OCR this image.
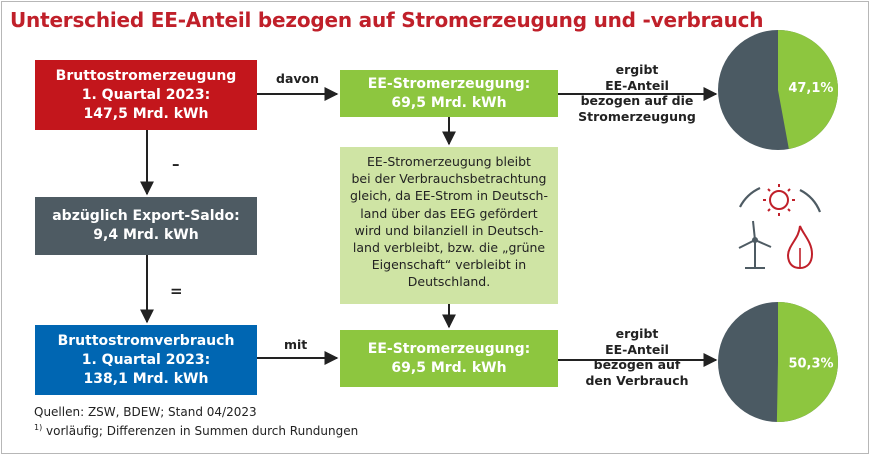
Unterschied EE-Anteil bezogen auf Stromerzeugung und -verbrauch
Bruttostromerzeugung
1. Quartal 2023:
147,5 Mrd. kWh
abzüglich Export-Saldo:
9,4 Mrd. kWh
Bruttostromverbrauch
1. Quartal 2023:
138,1 Mrd. kWh
EE-Stromerzeugung:
69,5 Mrd. kWh
EE-Stromerzeugung bleibt
bei der Verbrauchsbetrachtung
gleich, da EE-Strom in Deutsch-
land über das EEG gefördert
wird und bilanziell in Deutsch-
land verbleibt, bzw. die „grüne
Eigenschaft“ verbleibt in
Deutschland.
EE-Stromerzeugung:
69,5 Mrd. kWh
davon
mit
–
=
ergibt
EE-Anteil
bezogen auf die
Stromerzeugung
ergibt
EE-Anteil
bezogen auf
den Verbrauch
Quellen: ZSW, BDEW; Stand 04/2023
$^{1)}$ vorläufig; Differenzen in Summen durch Rundungen
47,1%
50,3%
